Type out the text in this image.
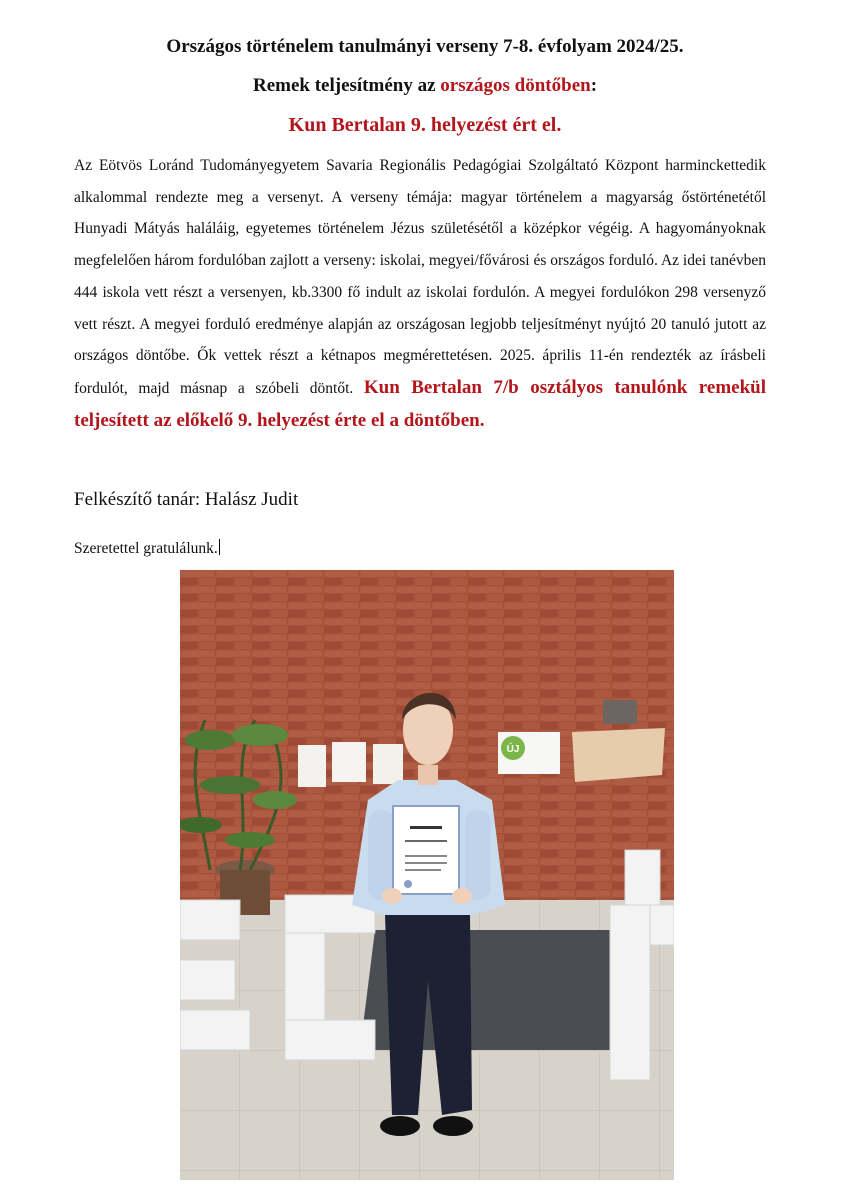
Országos történelem tanulmányi verseny 7-8. évfolyam 2024/25.
Remek teljesítmény az országos döntőben:
Kun Bertalan 9. helyezést ért el.
Az Eötvös Loránd Tudományegyetem Savaria Regionális Pedagógiai Szolgáltató Központ harminckettedik alkalommal rendezte meg a versenyt. A verseny témája: magyar történelem a magyarság őstörténetétől Hunyadi Mátyás haláláig, egyetemes történelem Jézus születésétől a középkor végéig. A hagyományoknak megfelelően három fordulóban zajlott a verseny: iskolai, megyei/fővárosi és országos forduló. Az idei tanévben 444 iskola vett részt a versenyen, kb.3300 fő indult az iskolai fordulón. A megyei fordulókon 298 versenyző vett részt. A megyei forduló eredménye alapján az országosan legjobb teljesítményt nyújtó 20 tanuló jutott az országos döntőbe. Ők vettek részt a kétnapos megmérettetésen. 2025. április 11-én rendezték az írásbeli fordulót, majd másnap a szóbeli döntőt. Kun Bertalan 7/b osztályos tanulónk remekül teljesített az előkelő 9. helyezést érte el a döntőben.
Felkészítő tanár: Halász Judit
Szeretettel gratulálunk.
ÚJ
